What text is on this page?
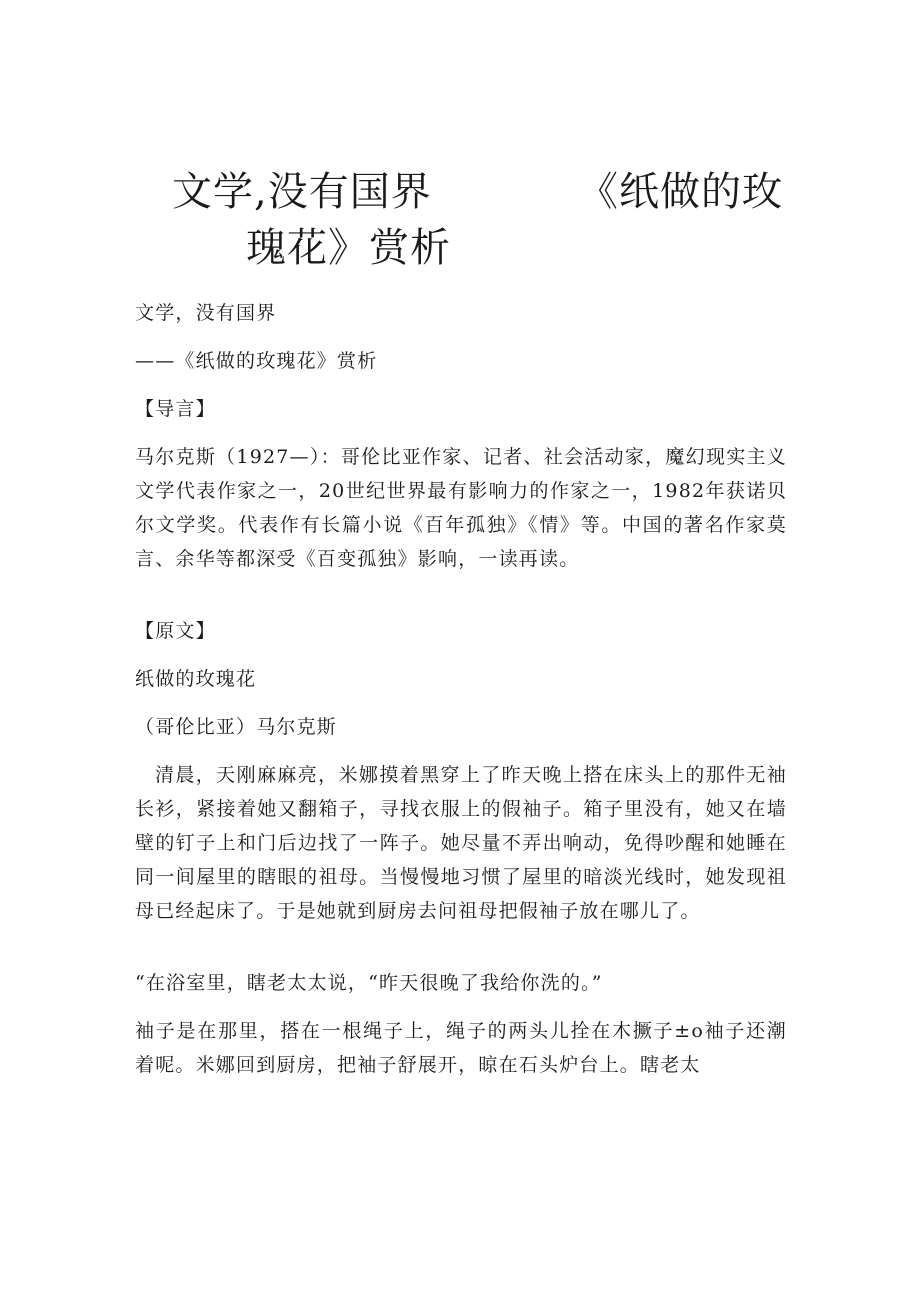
文学,没有国界	《纸做的玫
瑰花》赏析
文学，没有国界
——《纸做的玫瑰花》赏析
【导言】
马尔克斯（1927—）：哥伦比亚作家、记者、社会活动家，魔幻现实主义文学代表作家之一，20世纪世界最有影响力的作家之一，1982年获诺贝尔文学奖。代表作有长篇小说《百年孤独》《情》等。中国的著名作家莫言、余华等都深受《百变孤独》影响，一读再读。
【原文】
纸做的玫瑰花
（哥伦比亚）马尔克斯
清晨，天刚麻麻亮，米娜摸着黑穿上了昨天晚上搭在床头上的那件无袖长衫，紧接着她又翻箱子，寻找衣服上的假袖子。箱子里没有，她又在墙壁的钉子上和门后边找了一阵子。她尽量不弄出响动，免得吵醒和她睡在同一间屋里的瞎眼的祖母。当慢慢地习惯了屋里的暗淡光线时，她发现祖母已经起床了。于是她就到厨房去问祖母把假袖子放在哪儿了。
“在浴室里，瞎老太太说，“昨天很晚了我给你洗的。”
袖子是在那里，搭在一根绳子上，绳子的两头儿拴在木撅子±o袖子还潮着呢。米娜回到厨房，把袖子舒展开，晾在石头炉台上。瞎老太
